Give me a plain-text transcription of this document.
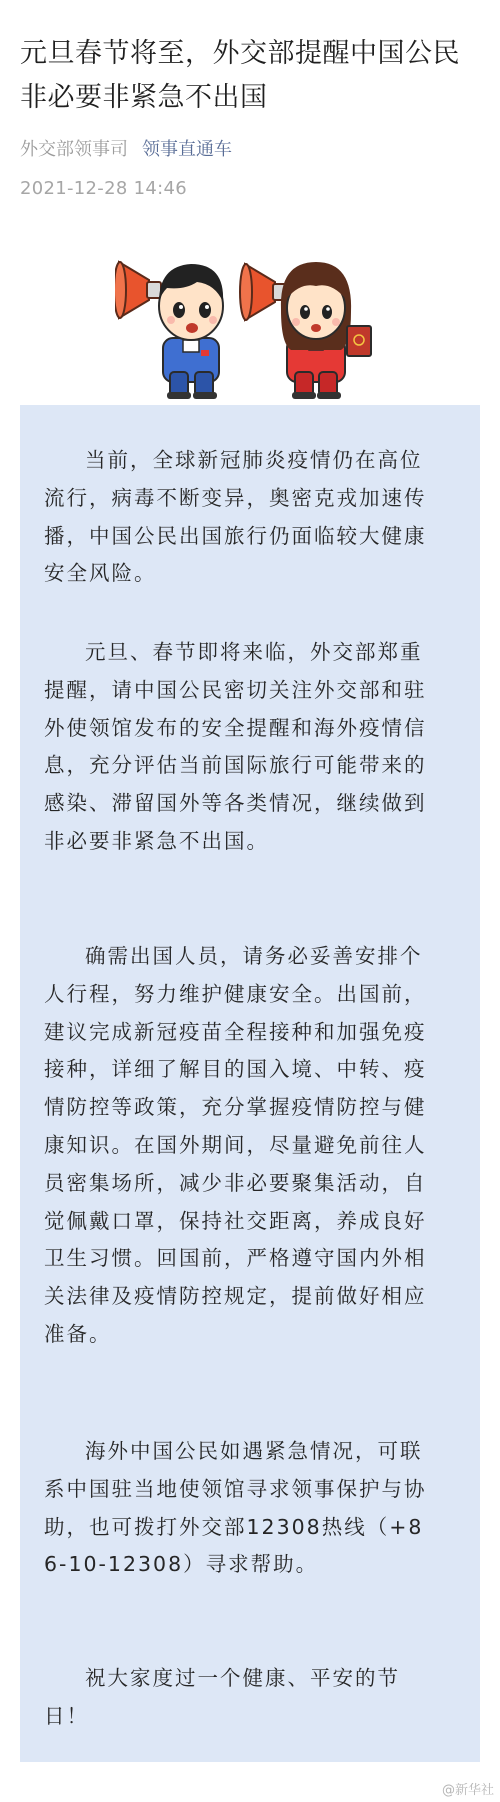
元旦春节将至，外交部提醒中国公民非必要非紧急不出国
外交部领事司 领事直通车
2021-12-28 14:46

当前，全球新冠肺炎疫情仍在高位流行，病毒不断变异，奥密克戎加速传播，中国公民出国旅行仍面临较大健康安全风险。

元旦、春节即将来临，外交部郑重提醒，请中国公民密切关注外交部和驻外使领馆发布的安全提醒和海外疫情信息，充分评估当前国际旅行可能带来的感染、滞留国外等各类情况，继续做到非必要非紧急不出国。

确需出国人员，请务必妥善安排个人行程，努力维护健康安全。出国前，建议完成新冠疫苗全程接种和加强免疫接种，详细了解目的国入境、中转、疫情防控等政策，充分掌握疫情防控与健康知识。在国外期间，尽量避免前往人员密集场所，减少非必要聚集活动，自觉佩戴口罩，保持社交距离，养成良好卫生习惯。回国前，严格遵守国内外相关法律及疫情防控规定，提前做好相应准备。

海外中国公民如遇紧急情况，可联系中国驻当地使领馆寻求领事保护与协助，也可拨打外交部12308热线（+86-10-12308）寻求帮助。

祝大家度过一个健康、平安的节日！

@新华社
